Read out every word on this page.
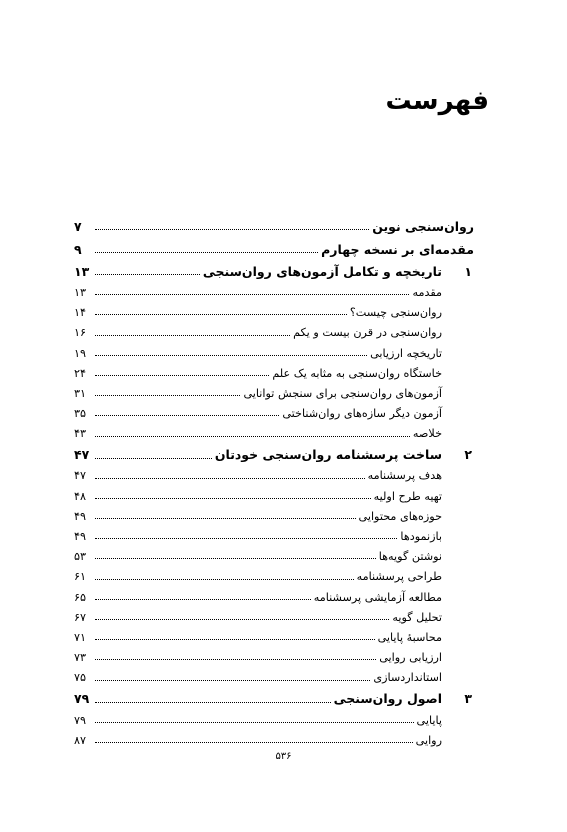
فهرست
روان‌سنجی نوین
۷
مقدمه‌ای بر نسخه چهارم
۹
۱
تاریخچه و تکامل آزمون‌های روان‌سنجی
۱۳
مقدمه
۱۳
روان‌سنجی چیست؟
۱۴
روان‌سنجی در قرن بیست و یکم
۱۶
تاریخچه ارزیابی
۱۹
خاستگاه روان‌سنجی به مثابه یک علم
۲۴
آزمون‌های روان‌سنجی برای سنجش توانایی
۳۱
آزمون دیگر سازه‌های روان‌شناختی
۳۵
خلاصه
۴۳
۲
ساخت پرسشنامه روان‌سنجی خودتان
۴۷
هدف پرسشنامه
۴۷
تهیه طرح اولیه
۴۸
حوزه‌های محتوایی
۴۹
بازنمودها
۴۹
نوشتن گویه‌ها
۵۳
طراحی پرسشنامه
۶۱
مطالعه آزمایشی پرسشنامه
۶۵
تحلیل گویه
۶۷
محاسبهٔ پایایی
۷۱
ارزیابی روایی
۷۳
استانداردسازی
۷۵
۳
اصول روان‌سنجی
۷۹
پایایی
۷۹
روایی
۸۷
۵۳۶
